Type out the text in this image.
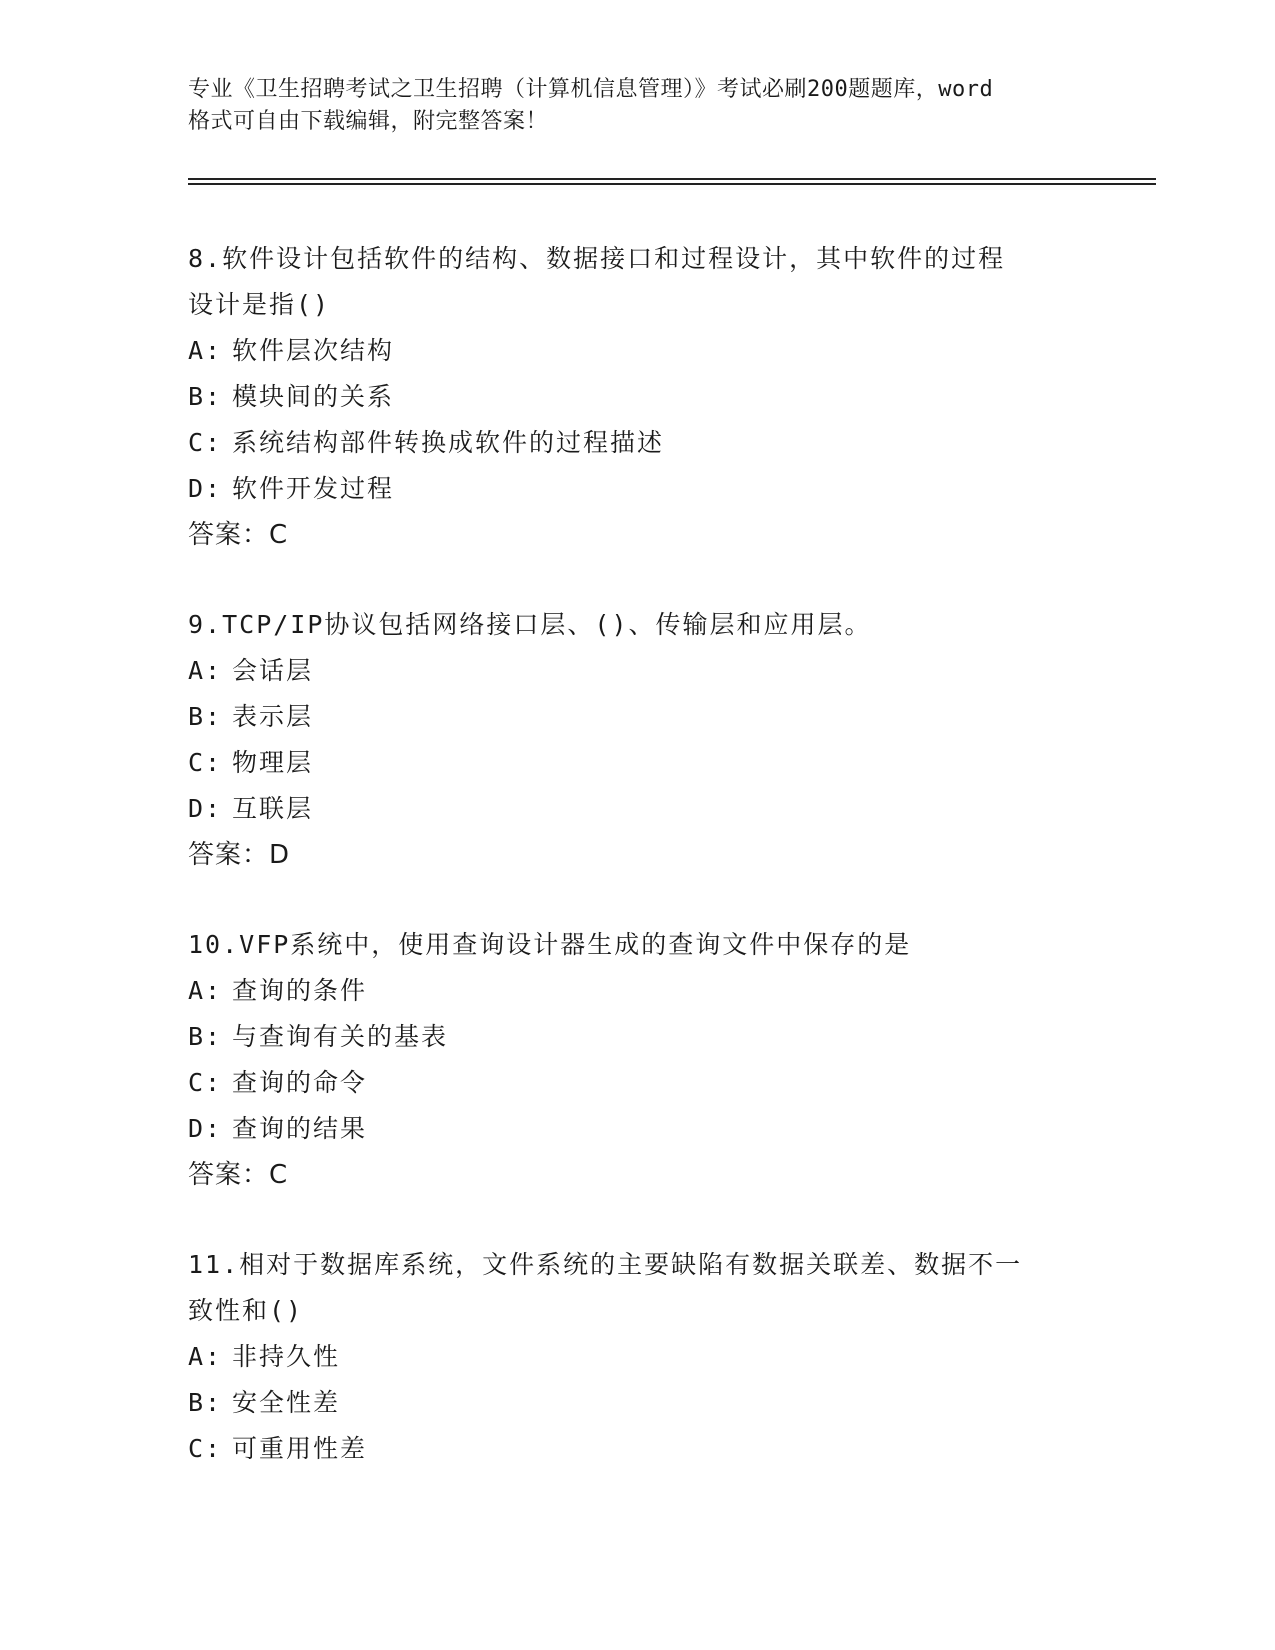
专业《卫生招聘考试之卫生招聘（计算机信息管理）》考试必刷200题题库，word
格式可自由下载编辑，附完整答案！
8.软件设计包括软件的结构、数据接口和过程设计，其中软件的过程
设计是指()
A: 软件层次结构
B: 模块间的关系
C: 系统结构部件转换成软件的过程描述
D: 软件开发过程
答案：C
9.TCP/IP协议包括网络接口层、()、传输层和应用层。
A: 会话层
B: 表示层
C: 物理层
D: 互联层
答案：D
10.VFP系统中，使用查询设计器生成的查询文件中保存的是
A: 查询的条件
B: 与查询有关的基表
C: 查询的命令
D: 查询的结果
答案：C
11.相对于数据库系统，文件系统的主要缺陷有数据关联差、数据不一
致性和()
A: 非持久性
B: 安全性差
C: 可重用性差
